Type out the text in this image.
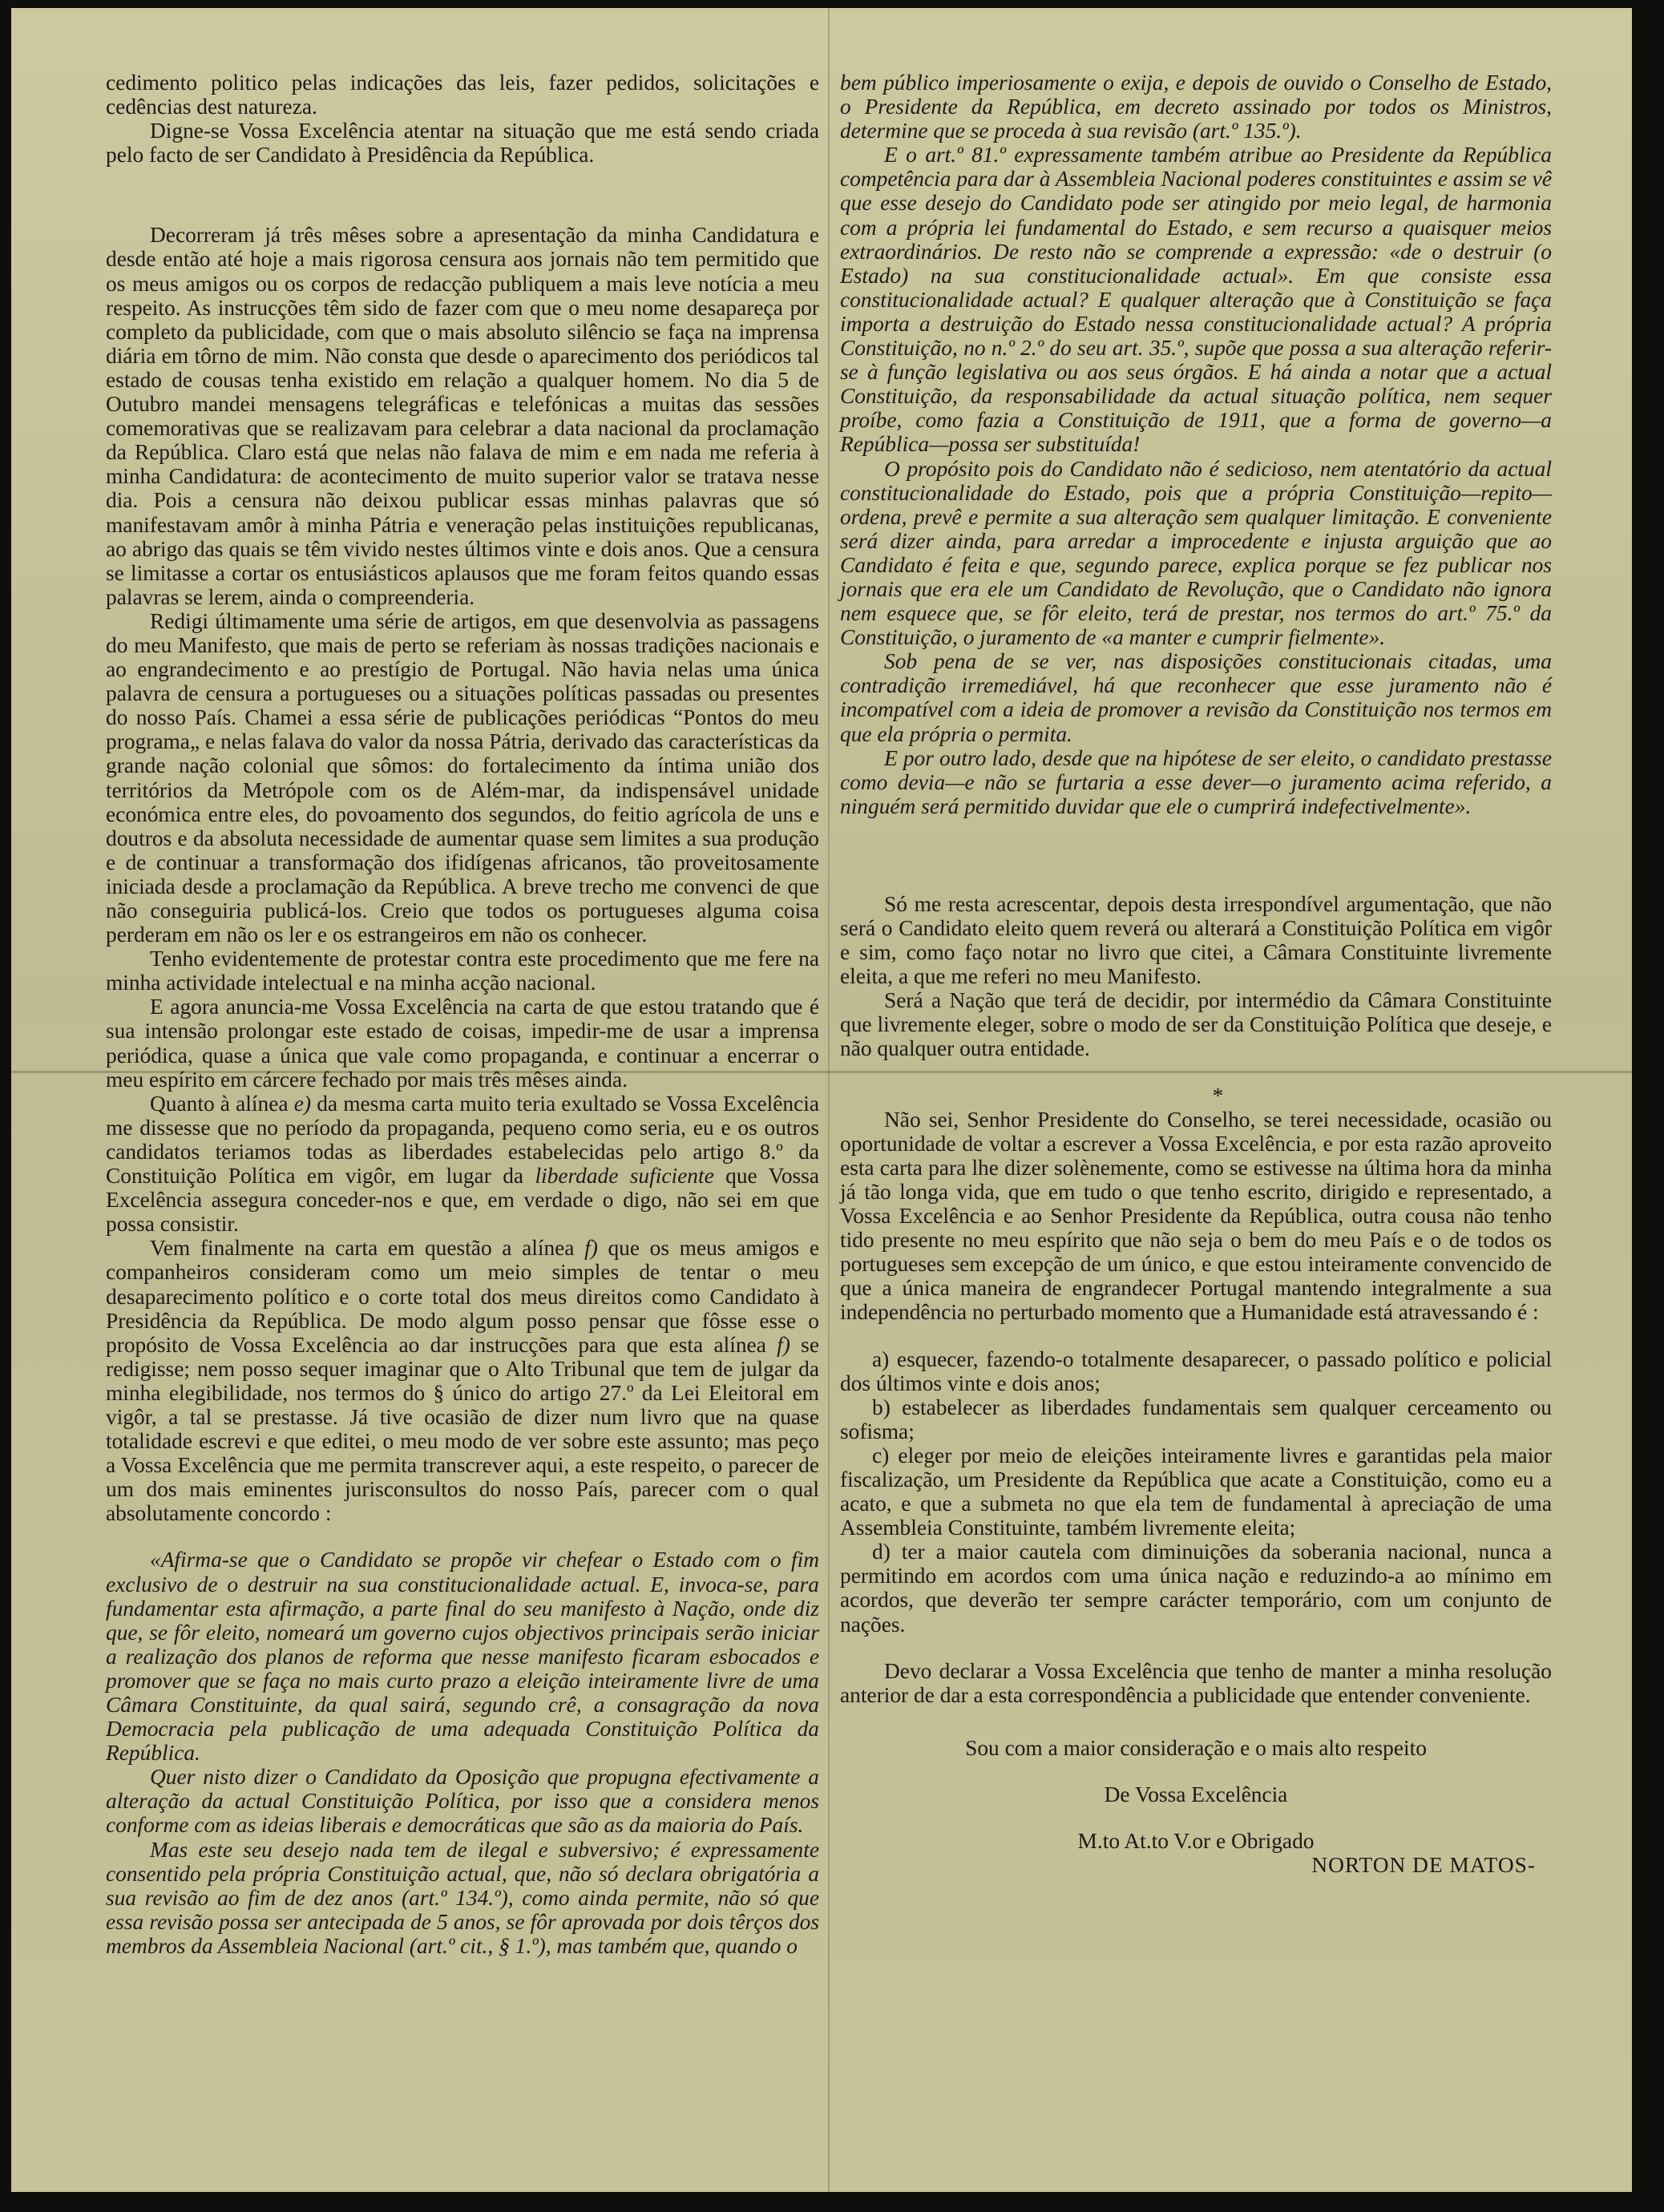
cedimento politico pelas indicações das leis, fazer pedidos, solicitações e cedências dest natureza.

Digne-se Vossa Excelência atentar na situação que me está sendo criada pelo facto de ser Candidato à Presidência da República.

Decorreram já três mêses sobre a apresentação da minha Candidatura e desde então até hoje a mais rigorosa censura aos jornais não tem permitido que os meus amigos ou os corpos de redacção publiquem a mais leve notícia a meu respeito. As instrucções têm sido de fazer com que o meu nome desapareça por completo da publicidade, com que o mais absoluto silêncio se faça na imprensa diária em tôrno de mim. Não consta que desde o aparecimento dos periódicos tal estado de cousas tenha existido em relação a qualquer homem. No dia 5 de Outubro mandei mensagens telegráficas e telefónicas a muitas das sessões comemorativas que se realizavam para celebrar a data nacional da proclamação da República. Claro está que nelas não falava de mim e em nada me referia à minha Candidatura: de acontecimento de muito superior valor se tratava nesse dia. Pois a censura não deixou publicar essas minhas palavras que só manifestavam amôr à minha Pátria e veneração pelas instituições republicanas, ao abrigo das quais se têm vivido nestes últimos vinte e dois anos. Que a censura se limitasse a cortar os entusiásticos aplausos que me foram feitos quando essas palavras se lerem, ainda o compreenderia.

Redigi últimamente uma série de artigos, em que desenvolvia as passagens do meu Manifesto, que mais de perto se referiam às nossas tradições nacionais e ao engrandecimento e ao prestígio de Portugal. Não havia nelas uma única palavra de censura a portugueses ou a situações políticas passadas ou presentes do nosso País. Chamei a essa série de publicações periódicas “Pontos do meu programa„ e nelas falava do valor da nossa Pátria, derivado das características da grande nação colonial que sômos: do fortalecimento da íntima união dos territórios da Metrópole com os de Além-mar, da indispensável unidade económica entre eles, do povoamento dos segundos, do feitio agrícola de uns e doutros e da absoluta necessidade de aumentar quase sem limites a sua produção e de continuar a transformação dos ifidígenas africanos, tão proveitosamente iniciada desde a proclamação da República. A breve trecho me convenci de que não conseguiria publicá-los. Creio que todos os portugueses alguma coisa perderam em não os ler e os estrangeiros em não os conhecer.

Tenho evidentemente de protestar contra este procedimento que me fere na minha actividade intelectual e na minha acção nacional.

E agora anuncia-me Vossa Excelência na carta de que estou tratando que é sua intensão prolongar este estado de coisas, impedir-me de usar a imprensa periódica, quase a única que vale como propaganda, e continuar a encerrar o meu espírito em cárcere fechado por mais três mêses ainda.

Quanto à alínea e) da mesma carta muito teria exultado se Vossa Excelência me dissesse que no período da propaganda, pequeno como seria, eu e os outros candidatos teriamos todas as liberdades estabelecidas pelo artigo 8.º da Constituição Política em vigôr, em lugar da liberdade suficiente que Vossa Excelência assegura conceder-nos e que, em verdade o digo, não sei em que possa consistir.

Vem finalmente na carta em questão a alínea f) que os meus amigos e companheiros consideram como um meio simples de tentar o meu desaparecimento político e o corte total dos meus direitos como Candidato à Presidência da República. De modo algum posso pensar que fôsse esse o propósito de Vossa Excelência ao dar instrucções para que esta alínea f) se redigisse; nem posso sequer imaginar que o Alto Tribunal que tem de julgar da minha elegibilidade, nos termos do § único do artigo 27.º da Lei Eleitoral em vigôr, a tal se prestasse. Já tive ocasião de dizer num livro que na quase totalidade escrevi e que editei, o meu modo de ver sobre este assunto; mas peço a Vossa Excelência que me permita transcrever aqui, a este respeito, o parecer de um dos mais eminentes jurisconsultos do nosso País, parecer com o qual absolutamente concordo :

«Afirma-se que o Candidato se propõe vir chefear o Estado com o fim exclusivo de o destruir na sua constitucionalidade actual. E, invoca-se, para fundamentar esta afirmação, a parte final do seu manifesto à Nação, onde diz que, se fôr eleito, nomeará um governo cujos objectivos principais serão iniciar a realização dos planos de reforma que nesse manifesto ficaram esbocados e promover que se faça no mais curto prazo a eleição inteiramente livre de uma Câmara Constituinte, da qual sairá, segundo crê, a consagração da nova Democracia pela publicação de uma adequada Constituição Política da República.

Quer nisto dizer o Candidato da Oposição que propugna efectivamente a alteração da actual Constituição Política, por isso que a considera menos conforme com as ideias liberais e democráticas que são as da maioria do País.

Mas este seu desejo nada tem de ilegal e subversivo; é expressamente consentido pela própria Constituição actual, que, não só declara obrigatória a sua revisão ao fim de dez anos (art.º 134.º), como ainda permite, não só que essa revisão possa ser antecipada de 5 anos, se fôr aprovada por dois têrços dos membros da Assembleia Nacional (art.º cit., § 1.º), mas também que, quando o

bem público imperiosamente o exija, e depois de ouvido o Conselho de Estado, o Presidente da República, em decreto assinado por todos os Ministros, determine que se proceda à sua revisão (art.º 135.º).

E o art.º 81.º expressamente também atribue ao Presidente da República competência para dar à Assembleia Nacional poderes constituintes e assim se vê que esse desejo do Candidato pode ser atingido por meio legal, de harmonia com a própria lei fundamental do Estado, e sem recurso a quaisquer meios extraordinários. De resto não se comprende a expressão: «de o destruir (o Estado) na sua constitucionalidade actual». Em que consiste essa constitucionalidade actual? E qualquer alteração que à Constituição se faça importa a destruição do Estado nessa constitucionalidade actual? A própria Constituição, no n.º 2.º do seu art. 35.º, supõe que possa a sua alteração referir-se à função legislativa ou aos seus órgãos. E há ainda a notar que a actual Constituição, da responsabilidade da actual situação política, nem sequer proíbe, como fazia a Constituição de 1911, que a forma de governo—a República—possa ser substituída!

O propósito pois do Candidato não é sedicioso, nem atentatório da actual constitucionalidade do Estado, pois que a própria Constituição—repito—ordena, prevê e permite a sua alteração sem qualquer limitação. E conveniente será dizer ainda, para arredar a improcedente e injusta arguição que ao Candidato é feita e que, segundo parece, explica porque se fez publicar nos jornais que era ele um Candidato de Revolução, que o Candidato não ignora nem esquece que, se fôr eleito, terá de prestar, nos termos do art.º 75.º da Constituição, o juramento de «a manter e cumprir fielmente».

Sob pena de se ver, nas disposições constitucionais citadas, uma contradição irremediável, há que reconhecer que esse juramento não é incompatível com a ideia de promover a revisão da Constituição nos termos em que ela própria o permita.

E por outro lado, desde que na hipótese de ser eleito, o candidato prestasse como devia—e não se furtaria a esse dever—o juramento acima referido, a ninguém será permitido duvidar que ele o cumprirá indefectivelmente».

Só me resta acrescentar, depois desta irrespondível argumentação, que não será o Candidato eleito quem reverá ou alterará a Constituição Política em vigôr e sim, como faço notar no livro que citei, a Câmara Constituinte livremente eleita, a que me referi no meu Manifesto.

Será a Nação que terá de decidir, por intermédio da Câmara Constituinte que livremente eleger, sobre o modo de ser da Constituição Política que deseje, e não qualquer outra entidade.

*

Não sei, Senhor Presidente do Conselho, se terei necessidade, ocasião ou oportunidade de voltar a escrever a Vossa Excelência, e por esta razão aproveito esta carta para lhe dizer solènemente, como se estivesse na última hora da minha já tão longa vida, que em tudo o que tenho escrito, dirigido e representado, a Vossa Excelência e ao Senhor Presidente da República, outra cousa não tenho tido presente no meu espírito que não seja o bem do meu País e o de todos os portugueses sem excepção de um único, e que estou inteiramente convencido de que a única maneira de engrandecer Portugal mantendo integralmente a sua independência no perturbado momento que a Humanidade está atravessando é :

a) esquecer, fazendo-o totalmente desaparecer, o passado político e policial dos últimos vinte e dois anos;

b) estabelecer as liberdades fundamentais sem qualquer cerceamento ou sofisma;

c) eleger por meio de eleições inteiramente livres e garantidas pela maior fiscalização, um Presidente da República que acate a Constituição, como eu a acato, e que a submeta no que ela tem de fundamental à apreciação de uma Assembleia Constituinte, também livremente eleita;

d) ter a maior cautela com diminuições da soberania nacional, nunca a permitindo em acordos com uma única nação e reduzindo-a ao mínimo em acordos, que deverão ter sempre carácter temporário, com um conjunto de nações.

Devo declarar a Vossa Excelência que tenho de manter a minha resolução anterior de dar a esta correspondência a publicidade que entender conveniente.

Sou com a maior consideração e o mais alto respeito

De Vossa Excelência

M.to At.to V.or e Obrigado

NORTON DE MATOS-
